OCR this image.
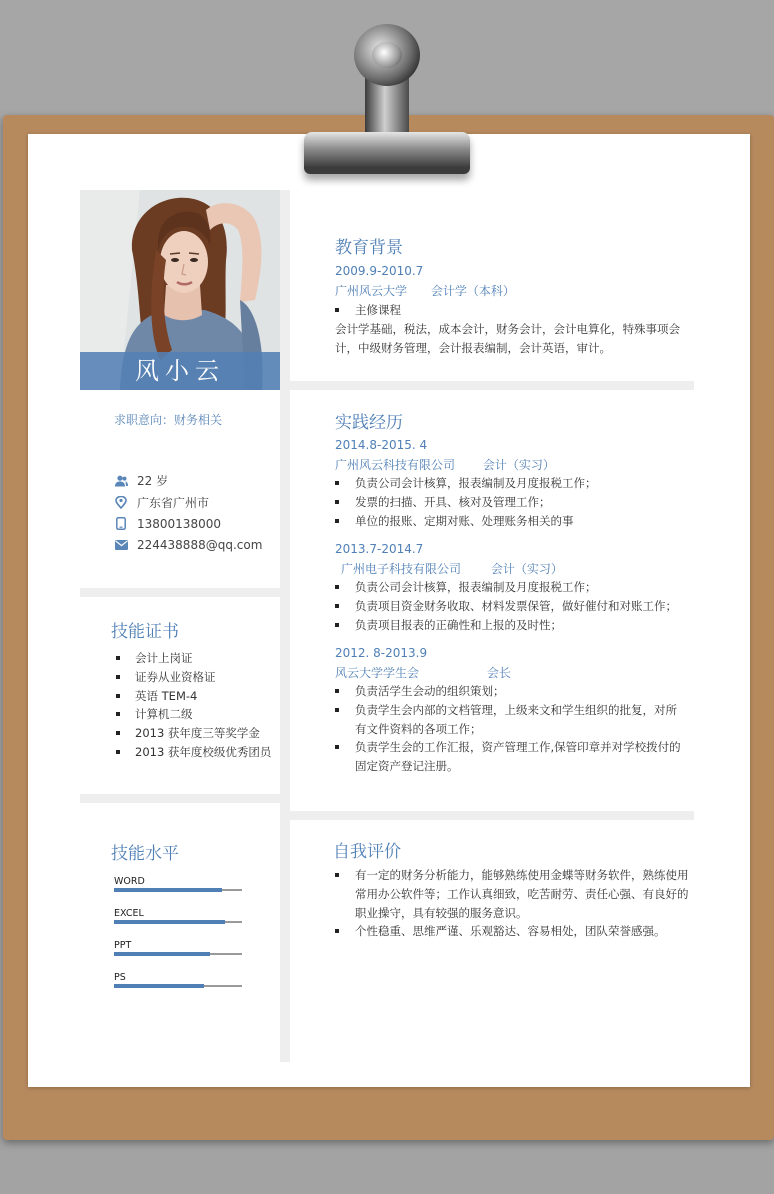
风小云
求职意向：财务相关
22 岁
广东省广州市
13800138000
224438888@qq.com
技能证书
会计上岗证
证券从业资格证
英语 TEM-4
计算机二级
2013 获年度三等奖学金
2013 获年度校级优秀团员
技能水平
WORD
EXCEL
PPT
PS
教育背景
2009.9-2010.7
广州风云大学 会计学（本科）
主修课程
会计学基础，税法，成本会计，财务会计，会计电算化，特殊事项会
计，中级财务管理，会计报表编制，会计英语，审计。
实践经历
2014.8-2015. 4
广州风云科技有限公司 会计（实习）
负责公司会计核算，报表编制及月度报税工作；
发票的扫描、开具、核对及管理工作；
单位的报账、定期对账、处理账务相关的事
2013.7-2014.7
广州电子科技有限公司 会计（实习）
负责公司会计核算，报表编制及月度报税工作；
负责项目资金财务收取、材料发票保管，做好催付和对账工作；
负责项目报表的正确性和上报的及时性；
2012. 8-2013.9
风云大学学生会	会长
负责活学生会动的组织策划；
负责学生会内部的文档管理，上级来文和学生组织的批复，对所
有文件资料的各项工作；
负责学生会的工作汇报，资产管理工作,保管印章并对学校拨付的
固定资产登记注册。
自我评价
有一定的财务分析能力，能够熟练使用金蝶等财务软件，熟练使用
常用办公软件等；工作认真细致，吃苦耐劳、责任心强、有良好的
职业操守，具有较强的服务意识。
个性稳重、思维严谨、乐观豁达、容易相处，团队荣誉感强。
